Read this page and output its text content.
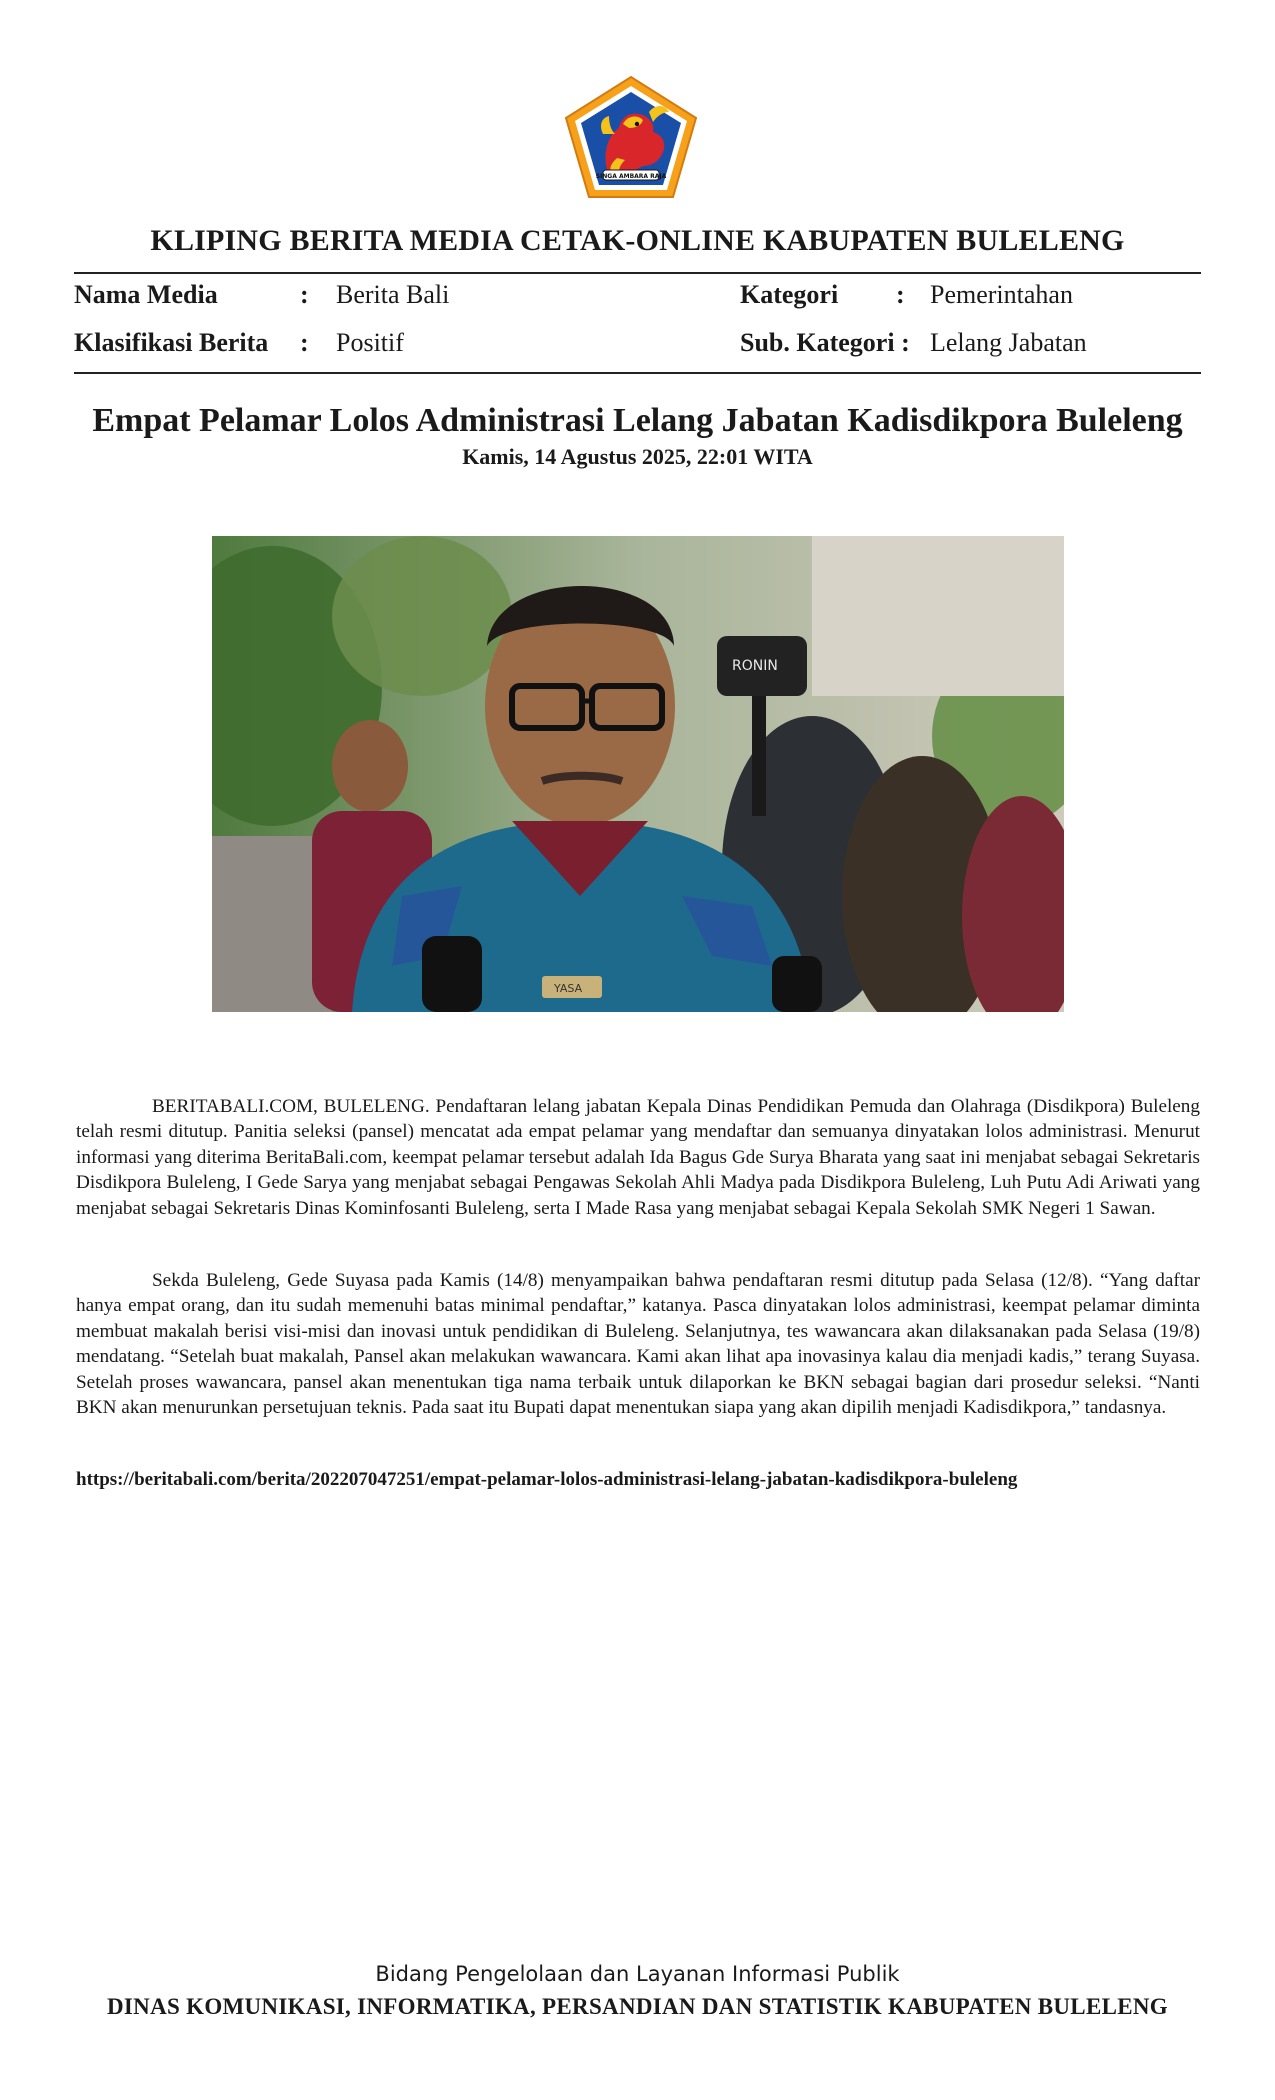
SINGA AMBARA RAJA
KLIPING BERITA MEDIA CETAK-ONLINE KABUPATEN BULELENG
Nama Media	: Berita Bali	Kategori : Pemerintahan
Klasifikasi Berita : Positif	Sub. Kategori : Lelang Jabatan
Empat Pelamar Lolos Administrasi Lelang Jabatan Kadisdikpora Buleleng
Kamis, 14 Agustus 2025, 22:01 WITA
RONIN
YASA

BERITABALI.COM, BULELENG. Pendaftaran lelang jabatan Kepala Dinas Pendidikan Pemuda dan Olahraga (Disdikpora) Buleleng telah resmi ditutup. Panitia seleksi (pansel) mencatat ada empat pelamar yang mendaftar dan semuanya dinyatakan lolos administrasi. Menurut informasi yang diterima BeritaBali.com, keempat pelamar tersebut adalah Ida Bagus Gde Surya Bharata yang saat ini menjabat sebagai Sekretaris Disdikpora Buleleng, I Gede Sarya yang menjabat sebagai Pengawas Sekolah Ahli Madya pada Disdikpora Buleleng, Luh Putu Adi Ariwati yang menjabat sebagai Sekretaris Dinas Kominfosanti Buleleng, serta I Made Rasa yang menjabat sebagai Kepala Sekolah SMK Negeri 1 Sawan.

Sekda Buleleng, Gede Suyasa pada Kamis (14/8) menyampaikan bahwa pendaftaran resmi ditutup pada Selasa (12/8). “Yang daftar hanya empat orang, dan itu sudah memenuhi batas minimal pendaftar,” katanya. Pasca dinyatakan lolos administrasi, keempat pelamar diminta membuat makalah berisi visi-misi dan inovasi untuk pendidikan di Buleleng. Selanjutnya, tes wawancara akan dilaksanakan pada Selasa (19/8) mendatang. “Setelah buat makalah, Pansel akan melakukan wawancara. Kami akan lihat apa inovasinya kalau dia menjadi kadis,” terang Suyasa. Setelah proses wawancara, pansel akan menentukan tiga nama terbaik untuk dilaporkan ke BKN sebagai bagian dari prosedur seleksi. “Nanti BKN akan menurunkan persetujuan teknis. Pada saat itu Bupati dapat menentukan siapa yang akan dipilih menjadi Kadisdikpora,” tandasnya.

https://beritabali.com/berita/202207047251/empat-pelamar-lolos-administrasi-lelang-jabatan-kadisdikpora-buleleng
Bidang Pengelolaan dan Layanan Informasi Publik
DINAS KOMUNIKASI, INFORMATIKA, PERSANDIAN DAN STATISTIK KABUPATEN BULELENG
